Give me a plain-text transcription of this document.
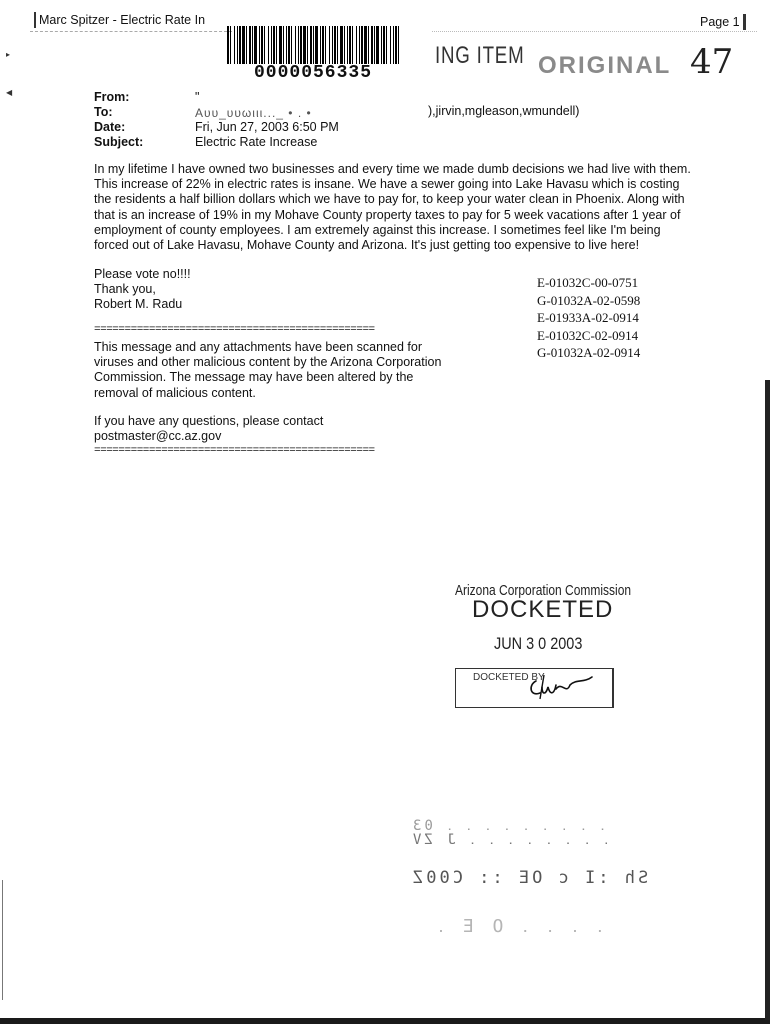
Marc Spitzer - Electric Rate In	Page 1
0000056335
ING ITEM ORIGINAL 47
▸
◀	From:	"
To:	Aυυ_υυωιιι..._ • . •	),jirvin,mgleason,wmundell)
Date:	Fri, Jun 27, 2003 6:50 PM
Subject:	Electric Rate Increase
In my lifetime I have owned two businesses and every time we made dumb decisions we had live with them. This increase of 22% in electric rates is insane. We have a sewer going into Lake Havasu which is costing the residents a half billion dollars which we have to pay for, to keep your water clean in Phoenix. Along with that is an increase of 19% in my Mohave County property taxes to pay for 5 week vacations after 1 year of employment of county employees. I am extremely against this increase. I sometimes feel like I'm being forced out of Lake Havasu, Mohave County and Arizona. It's just getting too expensive to live here!
Please vote no!!!!
Thank you,
Robert M. Radu
==============================================
This message and any attachments have been scanned for viruses and other malicious content by the Arizona Corporation Commission. The message may have been altered by the removal of malicious content.
If you have any questions, please contact postmaster@cc.az.gov
==============================================
E-01032C-00-0751
G-01032A-02-0598
E-01933A-02-0914
E-01032C-02-0914
G-01032A-02-0914
Arizona Corporation Commission
DOCKETED
JUN 3 0 2003
DOCKETED BY
․ ․ ․ ․ ․ ․ ․ ․ ․ 03
․ ․ ․ ․ ․ ․ ․ ․ J ZV
Sh :I c OE :: C00Z
․ ․ ․ ․ O E ․
